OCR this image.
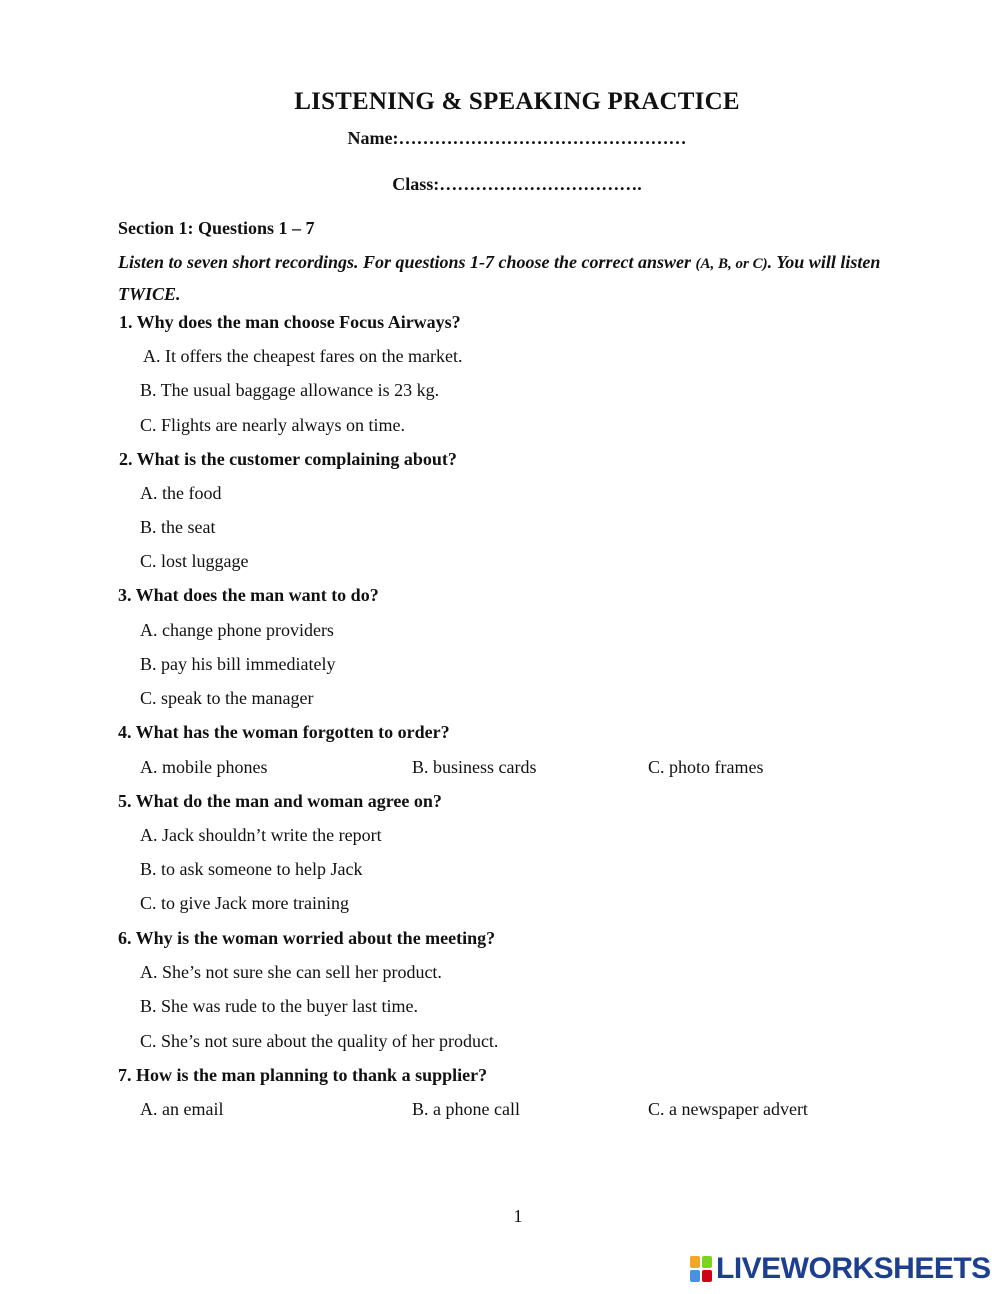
LISTENING & SPEAKING PRACTICE
Name:…………………………………………
Class:…………………………….
Section 1: Questions 1 – 7
Listen to seven short recordings. For questions 1-7 choose the correct answer (A, B, or C). You will listen TWICE.
1. Why does the man choose Focus Airways?
A. It offers the cheapest fares on the market.
B. The usual baggage allowance is 23 kg.
C. Flights are nearly always on time.
2. What is the customer complaining about?
A. the food
B. the seat
C. lost luggage
3. What does the man want to do?
A. change phone providers
B. pay his bill immediately
C. speak to the manager
4. What has the woman forgotten to order?
A. mobile phones	B. business cards	C. photo frames
5. What do the man and woman agree on?
A. Jack shouldn’t write the report
B. to ask someone to help Jack
C. to give Jack more training
6. Why is the woman worried about the meeting?
A. She’s not sure she can sell her product.
B. She was rude to the buyer last time.
C. She’s not sure about the quality of her product.
7. How is the man planning to thank a supplier?
A. an email	B. a phone call	C. a newspaper advert
1
LIVEWORKSHEETS
